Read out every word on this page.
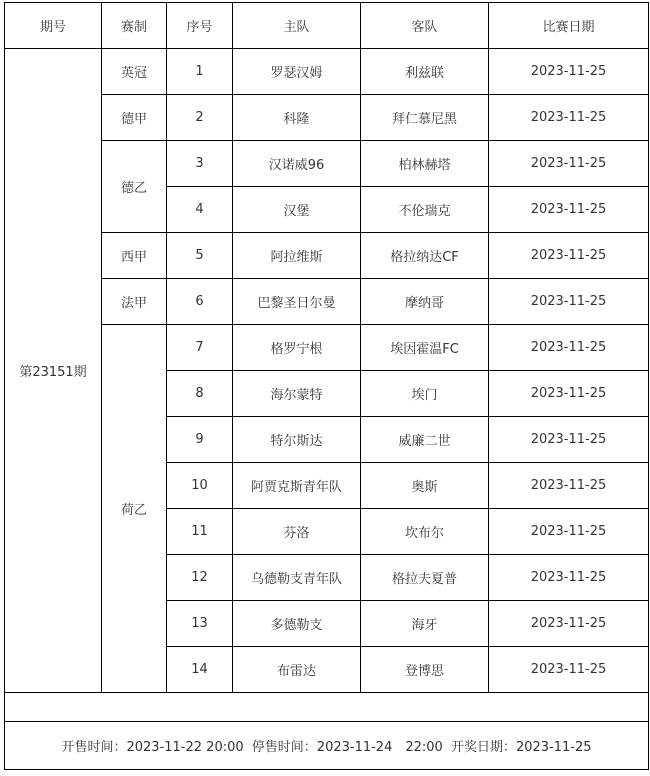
期号	赛制	序号	主队	客队	比赛日期
第23151期	英冠	1	罗瑟汉姆	利兹联	2023-11-25
	德甲	2	科隆	拜仁慕尼黑	2023-11-25
	德乙	3	汉诺威96	柏林赫塔	2023-11-25
		4	汉堡	不伦瑞克	2023-11-25
	西甲	5	阿拉维斯	格拉纳达CF	2023-11-25
	法甲	6	巴黎圣日尔曼	摩纳哥	2023-11-25
	荷乙	7	格罗宁根	埃因霍温FC	2023-11-25
		8	海尔蒙特	埃门	2023-11-25
		9	特尔斯达	威廉二世	2023-11-25
		10	阿贾克斯青年队	奥斯	2023-11-25
		11	芬洛	坎布尔	2023-11-25
		12	乌德勒支青年队	格拉夫夏普	2023-11-25
		13	多德勒支	海牙	2023-11-25
		14	布雷达	登博思	2023-11-25

开售时间：2023-11-22 20:00 停售时间：2023-11-24　22:00 开奖日期：2023-11-25					
